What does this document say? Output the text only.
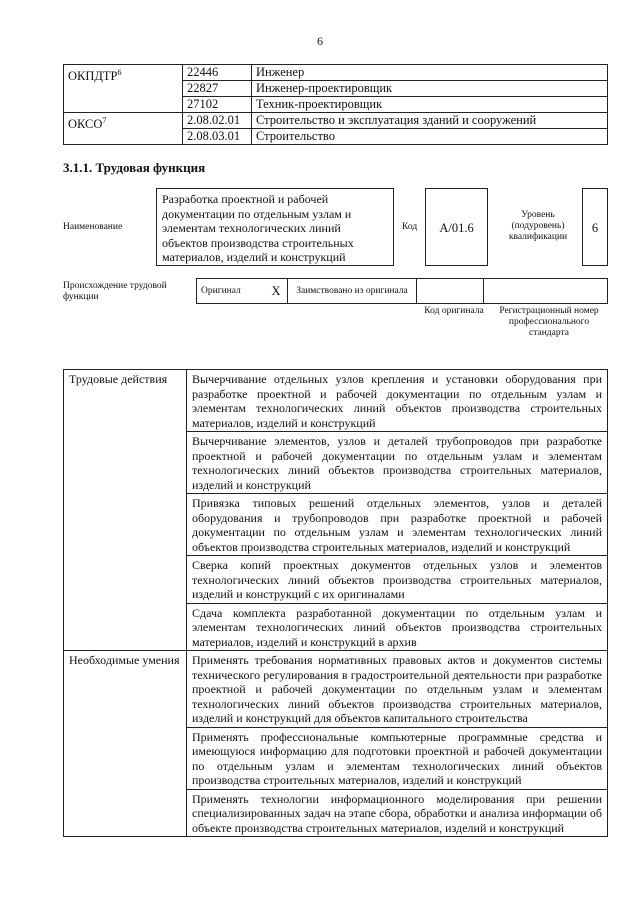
6
ОКПДТР$^6$	22446	Инженер
	22827	Инженер-проектировщик
	27102	Техник-проектировщик
ОКСО$^7$	2.08.02.01	Строительство и эксплуатация зданий и сооружений
	2.08.03.01	Строительство
3.1.1. Трудовая функция
Наименование
Разработка проектной и рабочей документации по отдельным узлам и элементам технологических линий объектов производства строительных материалов, изделий и конструкций
Код	А/01.6
Уровень (подуровень) квалификации
6
Происхождение трудовой функции
Оригинал	X	Заимствовано из оригинала		
Код оригинала	Регистрационный номер профессионального стандарта
Трудовые действия	Вычерчивание отдельных узлов крепления и установки оборудования при разработке проектной и рабочей документации по отдельным узлам и элементам технологических линий объектов производства строительных материалов, изделий и конструкций
	Вычерчивание элементов, узлов и деталей трубопроводов при разработке проектной и рабочей документации по отдельным узлам и элементам технологических линий объектов производства строительных материалов, изделий и конструкций
	Привязка типовых решений отдельных элементов, узлов и деталей оборудования и трубопроводов при разработке проектной и рабочей документации по отдельным узлам и элементам технологических линий объектов производства строительных материалов, изделий и конструкций
	Сверка копий проектных документов отдельных узлов и элементов технологических линий объектов производства строительных материалов, изделий и конструкций с их оригиналами
	Сдача комплекта разработанной документации по отдельным узлам и элементам технологических линий объектов производства строительных материалов, изделий и конструкций в архив
Необходимые умения	Применять требования нормативных правовых актов и документов системы технического регулирования в градостроительной деятельности при разработке проектной и рабочей документации по отдельным узлам и элементам технологических линий объектов производства строительных материалов, изделий и конструкций для объектов капитального строительства
	Применять профессиональные компьютерные программные средства и имеющуюся информацию для подготовки проектной и рабочей документации по отдельным узлам и элементам технологических линий объектов производства строительных материалов, изделий и конструкций
	Применять технологии информационного моделирования при решении специализированных задач на этапе сбора, обработки и анализа информации об объекте производства строительных материалов, изделий и конструкций
